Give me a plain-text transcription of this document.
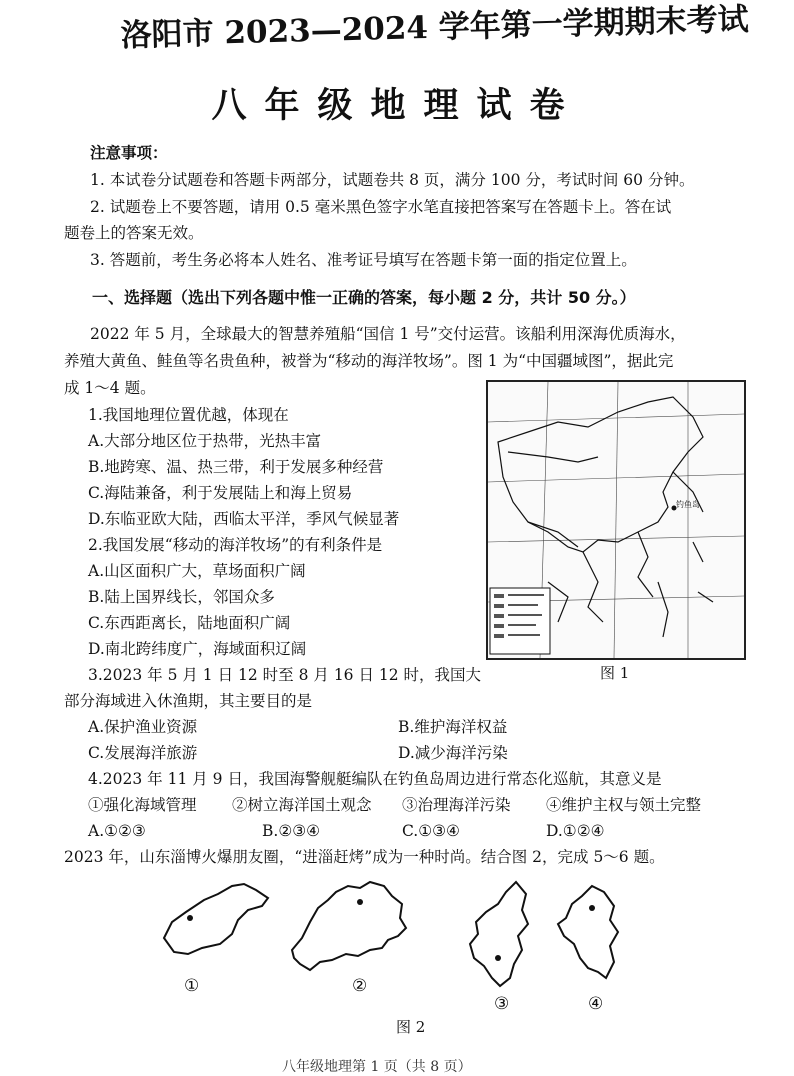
洛阳市 2023—2024 学年第一学期期末考试
八年级地理试卷
注意事项：
1. 本试卷分试题卷和答题卡两部分，试题卷共 8 页，满分 100 分，考试时间 60 分钟。
2. 试题卷上不要答题，请用 0.5 毫米黑色签字水笔直接把答案写在答题卡上。答在试
题卷上的答案无效。
3. 答题前，考生务必将本人姓名、准考证号填写在答题卡第一面的指定位置上。
一、选择题（选出下列各题中惟一正确的答案，每小题 2 分，共计 50 分。）
2022 年 5 月，全球最大的智慧养殖船“国信 1 号”交付运营。该船利用深海优质海水，
养殖大黄鱼、鲑鱼等名贵鱼种，被誉为“移动的海洋牧场”。图 1 为“中国疆域图”，据此完
成 1～4 题。
1.我国地理位置优越，体现在
A.大部分地区位于热带，光热丰富
B.地跨寒、温、热三带，利于发展多种经营
C.海陆兼备，利于发展陆上和海上贸易
D.东临亚欧大陆，西临太平洋，季风气候显著
2.我国发展“移动的海洋牧场”的有利条件是
A.山区面积广大，草场面积广阔
B.陆上国界线长，邻国众多
C.东西距离长，陆地面积广阔
D.南北跨纬度广，海域面积辽阔
钓鱼岛
图 1
3.2023 年 5 月 1 日 12 时至 8 月 16 日 12 时，我国大
部分海域进入休渔期，其主要目的是
A.保护渔业资源	B.维护海洋权益
C.发展海洋旅游	D.减少海洋污染
4.2023 年 11 月 9 日，我国海警舰艇编队在钓鱼岛周边进行常态化巡航，其意义是
①强化海域管理 ②树立海洋国土观念 ③治理海洋污染 ④维护主权与领土完整
A.①②③	B.②③④	C.①③④	D.①②④
2023 年，山东淄博火爆朋友圈，“进淄赶烤”成为一种时尚。结合图 2，完成 5～6 题。
①	②
③	④
图 2
八年级地理第 1 页（共 8 页）
